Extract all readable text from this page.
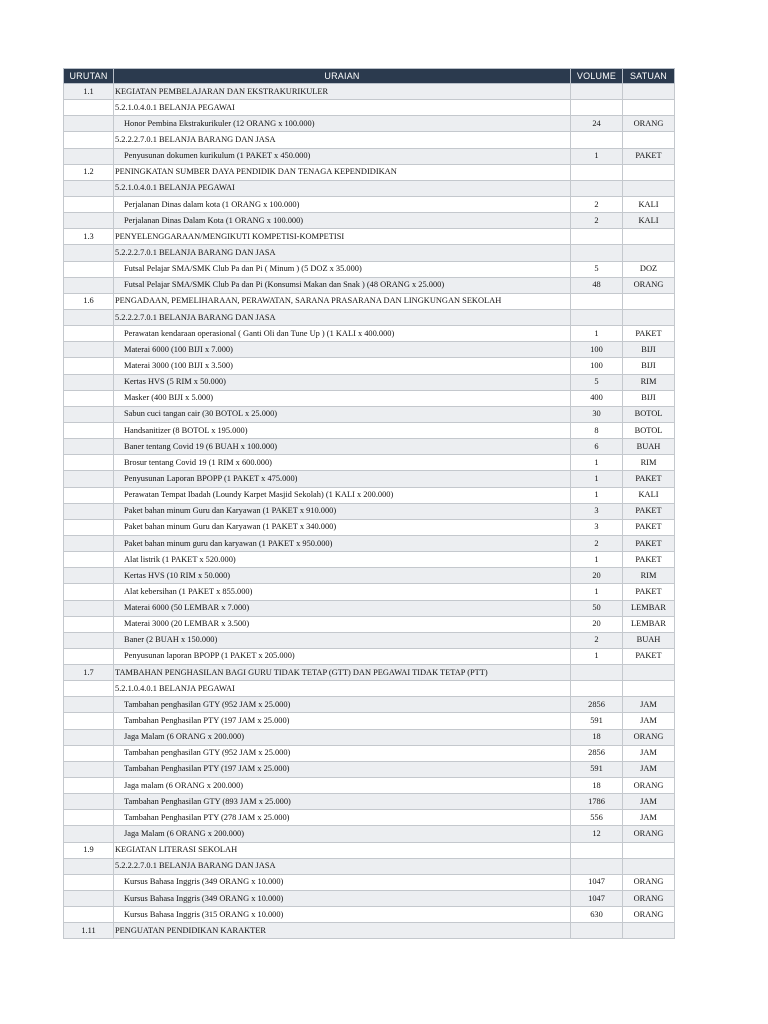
URUTAN	URAIAN	VOLUME	SATUAN
1.1	KEGIATAN PEMBELAJARAN DAN EKSTRAKURIKULER		
	5.2.1.0.4.0.1 BELANJA PEGAWAI		
	Honor Pembina Ekstrakurikuler (12 ORANG x 100.000)	24	ORANG
	5.2.2.2.7.0.1 BELANJA BARANG DAN JASA		
	Penyusunan dokumen kurikulum (1 PAKET x 450.000)	1	PAKET
1.2	PENINGKATAN SUMBER DAYA PENDIDIK DAN TENAGA KEPENDIDIKAN		
	5.2.1.0.4.0.1 BELANJA PEGAWAI		
	Perjalanan Dinas dalam kota (1 ORANG x 100.000)	2	KALI
	Perjalanan Dinas Dalam Kota (1 ORANG x 100.000)	2	KALI
1.3	PENYELENGGARAAN/MENGIKUTI KOMPETISI-KOMPETISI		
	5.2.2.2.7.0.1 BELANJA BARANG DAN JASA		
	Futsal Pelajar SMA/SMK Club Pa dan Pi ( Minum ) (5 DOZ x 35.000)	5	DOZ
	Futsal Pelajar SMA/SMK Club Pa dan Pi (Konsumsi Makan dan Snak ) (48 ORANG x 25.000)	48	ORANG
1.6	PENGADAAN, PEMELIHARAAN, PERAWATAN, SARANA PRASARANA DAN LINGKUNGAN SEKOLAH		
	5.2.2.2.7.0.1 BELANJA BARANG DAN JASA		
	Perawatan kendaraan operasional ( Ganti Oli dan Tune Up ) (1 KALI x 400.000)	1	PAKET
	Materai 6000 (100 BIJI x 7.000)	100	BIJI
	Materai 3000 (100 BIJI x 3.500)	100	BIJI
	Kertas HVS (5 RIM x 50.000)	5	RIM
	Masker (400 BIJI x 5.000)	400	BIJI
	Sabun cuci tangan cair (30 BOTOL x 25.000)	30	BOTOL
	Handsanitizer (8 BOTOL x 195.000)	8	BOTOL
	Baner tentang Covid 19 (6 BUAH x 100.000)	6	BUAH
	Brosur tentang Covid 19 (1 RIM x 600.000)	1	RIM
	Penyusunan Laporan BPOPP (1 PAKET x 475.000)	1	PAKET
	Perawatan Tempat Ibadah (Loundy Karpet Masjid Sekolah) (1 KALI x 200.000)	1	KALI
	Paket bahan minum Guru dan Karyawan (1 PAKET x 910.000)	3	PAKET
	Paket bahan minum Guru dan Karyawan (1 PAKET x 340.000)	3	PAKET
	Paket bahan minum guru dan karyawan (1 PAKET x 950.000)	2	PAKET
	Alat listrik (1 PAKET x 520.000)	1	PAKET
	Kertas HVS (10 RIM x 50.000)	20	RIM
	Alat kebersihan (1 PAKET x 855.000)	1	PAKET
	Materai 6000 (50 LEMBAR x 7.000)	50	LEMBAR
	Materai 3000 (20 LEMBAR x 3.500)	20	LEMBAR
	Baner (2 BUAH x 150.000)	2	BUAH
	Penyusunan laporan BPOPP (1 PAKET x 205.000)	1	PAKET
1.7	TAMBAHAN PENGHASILAN BAGI GURU TIDAK TETAP (GTT) DAN PEGAWAI TIDAK TETAP (PTT)		
	5.2.1.0.4.0.1 BELANJA PEGAWAI		
	Tambahan penghasilan GTY (952 JAM x 25.000)	2856	JAM
	Tambahan Penghasilan PTY (197 JAM x 25.000)	591	JAM
	Jaga Malam (6 ORANG x 200.000)	18	ORANG
	Tambahan penghasilan GTY (952 JAM x 25.000)	2856	JAM
	Tambahan Penghasilan PTY (197 JAM x 25.000)	591	JAM
	Jaga malam (6 ORANG x 200.000)	18	ORANG
	Tambahan Penghasilan GTY (893 JAM x 25.000)	1786	JAM
	Tambahan Penghasilan PTY (278 JAM x 25.000)	556	JAM
	Jaga Malam (6 ORANG x 200.000)	12	ORANG
1.9	KEGIATAN LITERASI SEKOLAH		
	5.2.2.2.7.0.1 BELANJA BARANG DAN JASA		
	Kursus Bahasa Inggris (349 ORANG x 10.000)	1047	ORANG
	Kursus Bahasa Inggris (349 ORANG x 10.000)	1047	ORANG
	Kursus Bahasa Inggris (315 ORANG x 10.000)	630	ORANG
1.11	PENGUATAN PENDIDIKAN KARAKTER		
